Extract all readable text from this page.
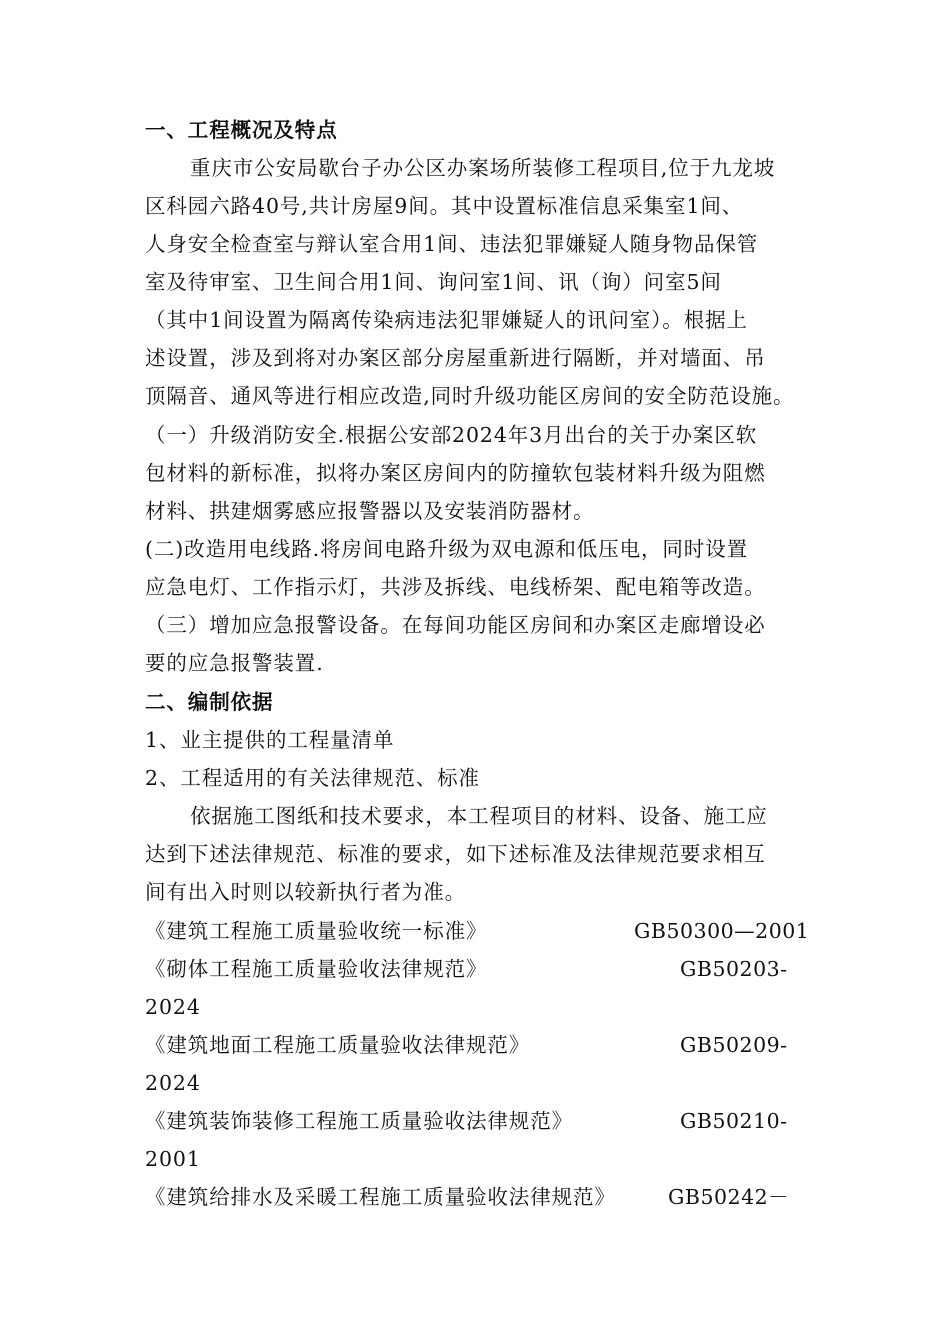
一、工程概况及特点
重庆市公安局歇台子办公区办案场所装修工程项目,位于九龙坡
区科园六路40号,共计房屋9间。其中设置标准信息采集室1间、
人身安全检查室与辩认室合用1间、违法犯罪嫌疑人随身物品保管
室及待审室、卫生间合用1间、询问室1间、讯（询）问室5间
（其中1间设置为隔离传染病违法犯罪嫌疑人的讯问室）。根据上
述设置，涉及到将对办案区部分房屋重新进行隔断，并对墙面、吊
顶隔音、通风等进行相应改造,同时升级功能区房间的安全防范设施。
（一）升级消防安全.根据公安部2024年3月出台的关于办案区软
包材料的新标准，拟将办案区房间内的防撞软包装材料升级为阻燃
材料、拱建烟雾感应报警器以及安装消防器材。
(二)改造用电线路.将房间电路升级为双电源和低压电，同时设置
应急电灯、工作指示灯，共涉及拆线、电线桥架、配电箱等改造。
（三）增加应急报警设备。在每间功能区房间和办案区走廊增设必
要的应急报警装置.
二、编制依据
1、业主提供的工程量清单
2、工程适用的有关法律规范、标准
依据施工图纸和技术要求，本工程项目的材料、设备、施工应
达到下述法律规范、标准的要求，如下述标准及法律规范要求相互
间有出入时则以较新执行者为准。
《建筑工程施工质量验收统一标准》	GB50300—2001
《砌体工程施工质量验收法律规范》	GB50203-
2024
《建筑地面工程施工质量验收法律规范》	GB50209-
2024
《建筑装饰装修工程施工质量验收法律规范》	GB50210-
2001
《建筑给排水及采暖工程施工质量验收法律规范》	GB50242－
